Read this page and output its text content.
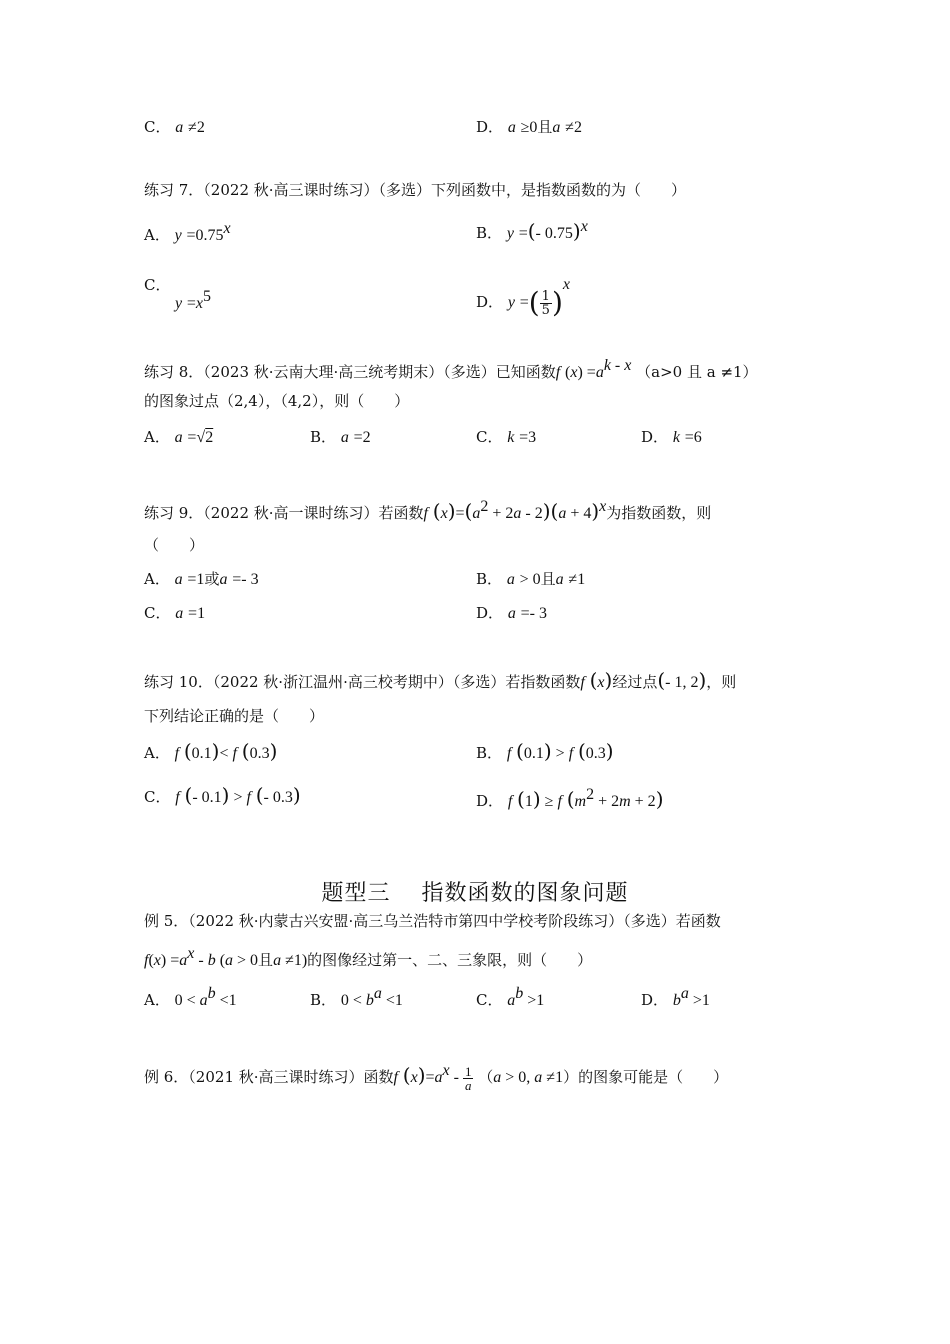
C． a ≠2	D． a ≥0且a ≠2
练习 7．（2022 秋·高三课时练习）（多选）下列函数中，是指数函数的为（　　）
A． $y =0.75^x$	B． y =(- 0.75)$^x$
C．
$y =x^5$	D． y =( $\frac{1}{5} )^x$
练习 8．（2023 秋·云南大理·高三统考期末）（多选）已知函数f $(x) =a^{k - x}$ （a>0 且 a ≠1）
的图象过点（2,4），（4,2），则（　　）
A． a =√2	B． a =2	C． k =3	D． k =6
练习 9．（2022 秋·高一课时练习）若函数f $(x)=(a^2 + 2a - 2)(a + 4)^x$为指数函数，则
（　　）
A． a =1或a =- 3	B． a > 0且a ≠1
C． a =1	D． a =- 3
练习 10．（2022 秋·浙江温州·高三校考期中）（多选）若指数函数f (x)经过点(- 1, 2)，则
下列结论正确的是（　　）
A． f (0.1)< f (0.3)	B． f (0.1) > f (0.3)
C． f (- 0.1) > f (- 0.3)	D． f (1) ≥ f $(m^2 + 2m + 2)$
题型三　 指数函数的图象问题
例 5．（2022 秋·内蒙古兴安盟·高三乌兰浩特市第四中学校考阶段练习）（多选）若函数
$f(x) =a^x - b$ (a > 0且a ≠1)的图像经过第一、二、三象限，则（　　）
A． $0 < a^b <1$	B． $0 < b^a <1$	C． $a^b >1$	D． $b^a >1$
例 6．（2021 秋·高三课时练习）函数f $(x)=a^x - \frac{1}{a} (a > 0$, a ≠1）的图象可能是（　　）
